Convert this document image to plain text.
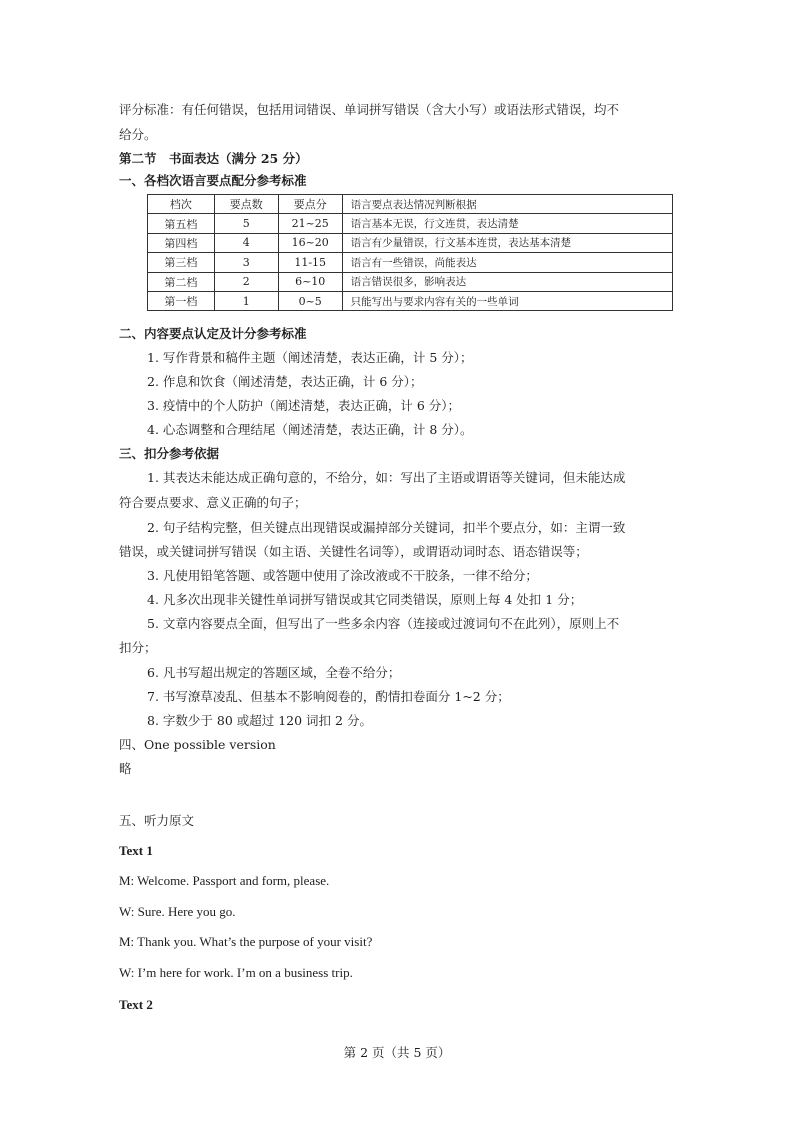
评分标准：有任何错误，包括用词错误、单词拼写错误（含大小写）或语法形式错误，均不
给分。
第二节　书面表达（满分 25 分）
一、各档次语言要点配分参考标准
档次	要点数	要点分	语言要点表达情况判断根据
第五档	5	21~25	语言基本无误，行文连贯，表达清楚
第四档	4	16~20	语言有少量错误，行文基本连贯，表达基本清楚
第三档	3	11-15	语言有一些错误，尚能表达
第二档	2	6~10	语言错误很多，影响表达
第一档	1	0~5	只能写出与要求内容有关的一些单词
二、内容要点认定及计分参考标准
1. 写作背景和稿件主题（阐述清楚，表达正确，计 5 分）；
2. 作息和饮食（阐述清楚，表达正确，计 6 分）；
3. 疫情中的个人防护（阐述清楚，表达正确，计 6 分）；
4. 心态调整和合理结尾（阐述清楚，表达正确，计 8 分）。
三、扣分参考依据
1. 其表达未能达成正确句意的，不给分，如：写出了主语或谓语等关键词，但未能达成
符合要点要求、意义正确的句子；
2. 句子结构完整，但关键点出现错误或漏掉部分关键词，扣半个要点分，如：主谓一致
错误，或关键词拼写错误（如主语、关键性名词等），或谓语动词时态、语态错误等；
3. 凡使用铅笔答题、或答题中使用了涂改液或不干胶条，一律不给分；
4. 凡多次出现非关键性单词拼写错误或其它同类错误，原则上每 4 处扣 1 分；
5. 文章内容要点全面，但写出了一些多余内容（连接或过渡词句不在此列），原则上不
扣分；
6. 凡书写超出规定的答题区域，全卷不给分；
7. 书写潦草凌乱、但基本不影响阅卷的，酌情扣卷面分 1~2 分；
8. 字数少于 80 或超过 120 词扣 2 分。
四、One possible version
略
五、听力原文
Text 1
M: Welcome. Passport and form, please.
W: Sure. Here you go.
M: Thank you. What’s the purpose of your visit?
W: I’m here for work. I’m on a business trip.
Text 2
第 2 页（共 5 页）
